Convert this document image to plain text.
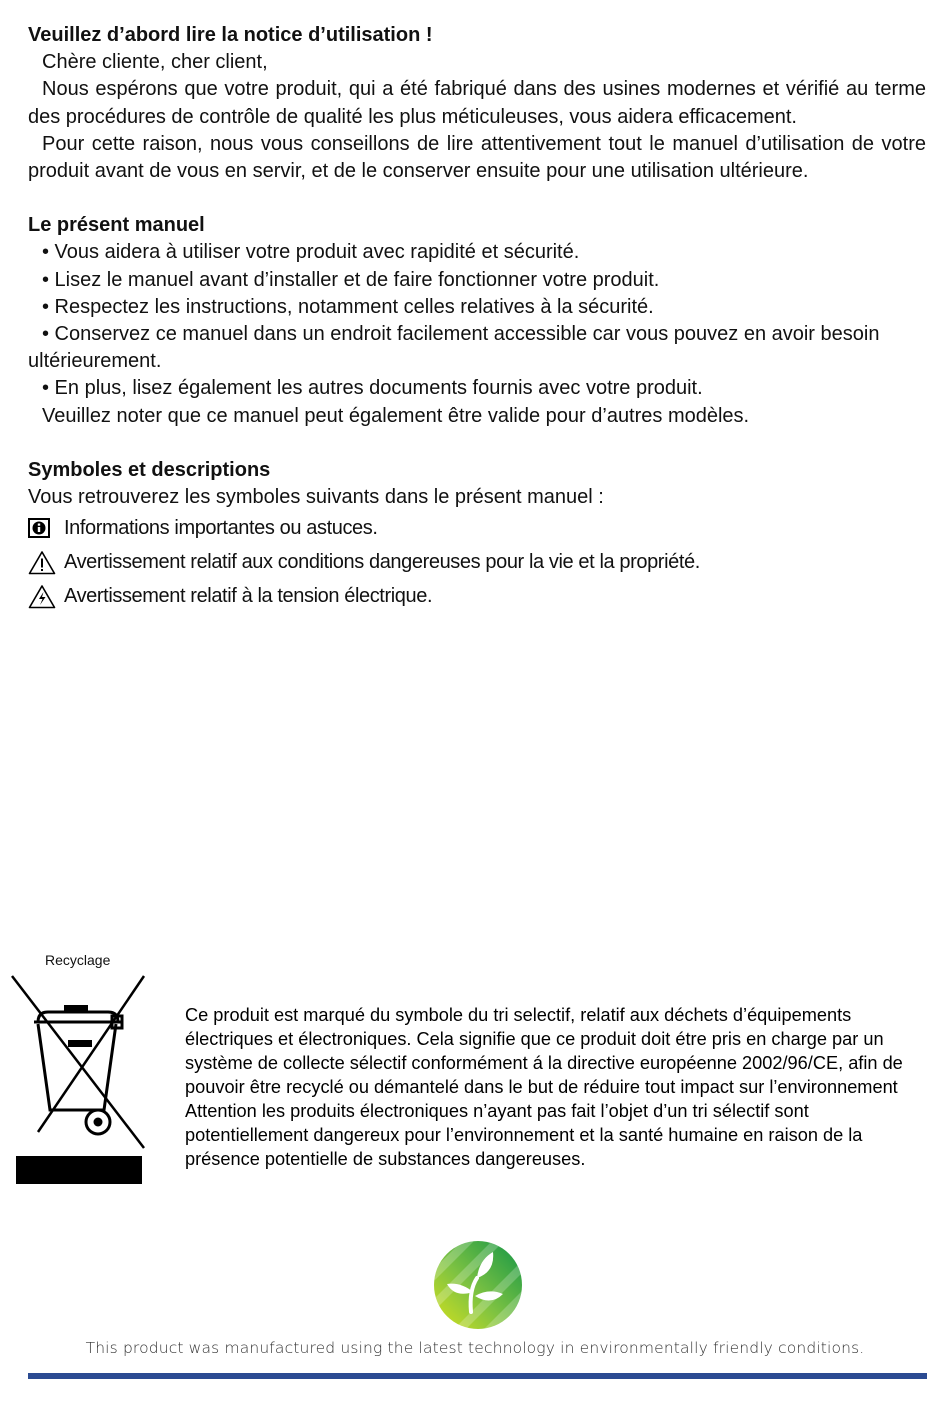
Veuillez d’abord lire la notice d’utilisation !

Chère cliente, cher client,

Nous espérons que votre produit, qui a été fabriqué dans des usines modernes et vérifié au terme des procédures de contrôle de qualité les plus méticuleuses, vous aidera efficacement.

Pour cette raison, nous vous conseillons de lire attentivement tout le manuel d’utilisation de votre produit avant de vous en servir, et de le conserver ensuite pour une utilisation ultérieure.

Le présent manuel
• Vous aidera à utiliser votre produit avec rapidité et sécurité.
• Lisez le manuel avant d’installer et de faire fonctionner votre produit.
• Respectez les instructions, notamment celles relatives à la sécurité.
• Conservez ce manuel dans un endroit facilement accessible car vous pouvez en avoir besoin ultérieurement.
• En plus, lisez également les autres documents fournis avec votre produit.

Veuillez noter que ce manuel peut également être valide pour d’autres modèles.

Symboles et descriptions

Vous retrouverez les symboles suivants dans le présent manuel :

Informations importantes ou astuces.
Avertissement relatif aux conditions dangereuses pour la vie et la propriété.
Avertissement relatif à la tension électrique.
Recyclage

Ce produit est marqué du symbole du tri selectif, relatif aux déchets d’équipements électriques et électroniques. Cela signifie que ce produit doit étre pris en charge par un système de collecte sélectif conformément á la directive européenne 2002/96/CE, afin de pouvoir être recyclé ou démantelé dans le but de réduire tout impact sur l’environnement Attention les produits électroniques n’ayant pas fait l’objet d’un tri sélectif sont potentiellement dangereux pour l’environnement et la santé humaine en raison de la présence potentielle de substances dangereuses.

This product was manufactured using the latest technology in environmentally friendly conditions.
